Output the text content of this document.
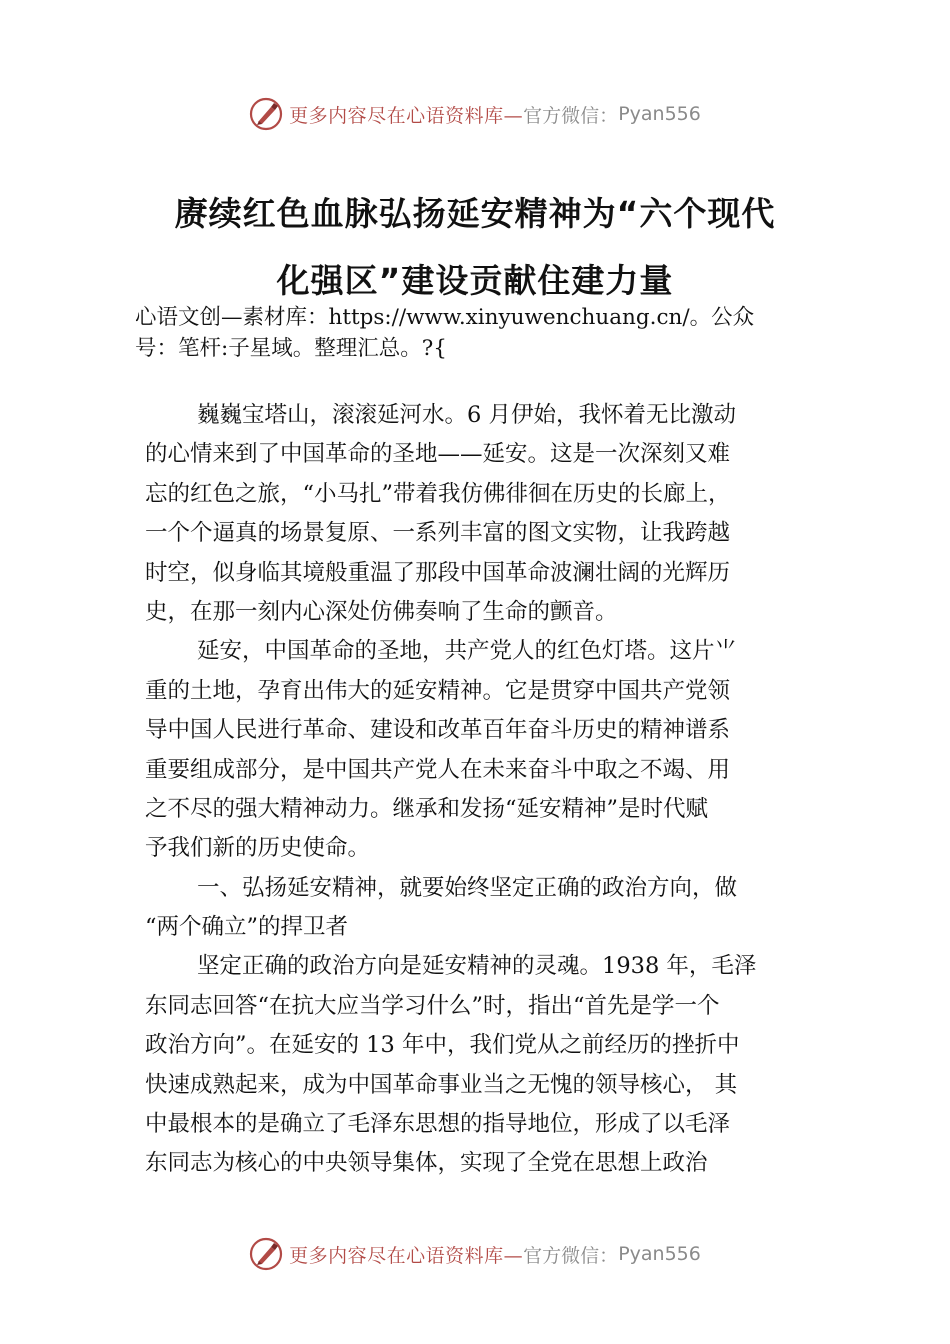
更多内容尽在心语资料库— 官方微信： Pyan556
赓续红色血脉弘扬延安精神为“六个现代
化强区”建设贡献住建力量
心语文创—素材库：https://www.xinyuwenchuang.cn/。公众
号：笔杆:子星域。整理汇总。?{
巍巍宝塔山，滚滚延河水。6 月伊始，我怀着无比激动
的心情来到了中国革命的圣地——延安。这是一次深刻又难
忘的红色之旅，“小马扎”带着我仿佛徘徊在历史的长廊上，
一个个逼真的场景复原、一系列丰富的图文实物，让我跨越
时空，似身临其境般重温了那段中国革命波澜壮阔的光辉历
史，在那一刻内心深处仿佛奏响了生命的颤音。
延安，中国革命的圣地，共产党人的红色灯塔。这片⺌
重的土地，孕育出伟大的延安精神。它是贯穿中国共产党领
导中国人民进行革命、建设和改革百年奋斗历史的精神谱系
重要组成部分，是中国共产党人在未来奋斗中取之不竭、用
之不尽的强大精神动力。继承和发扬“延安精神”是时代赋
予我们新的历史使命。
一、弘扬延安精神，就要始终坚定正确的政治方向，做
“两个确立”的捍卫者
坚定正确的政治方向是延安精神的灵魂。1938 年，毛泽
东同志回答“在抗大应当学习什么”时，指出“首先是学一个
政治方向”。在延安的 13 年中，我们党从之前经历的挫折中
快速成熟起来，成为中国革命事业当之无愧的领导核心， 其
中最根本的是确立了毛泽东思想的指导地位，形成了以毛泽
东同志为核心的中央领导集体，实现了全党在思想上政治
更多内容尽在心语资料库— 官方微信： Pyan556
